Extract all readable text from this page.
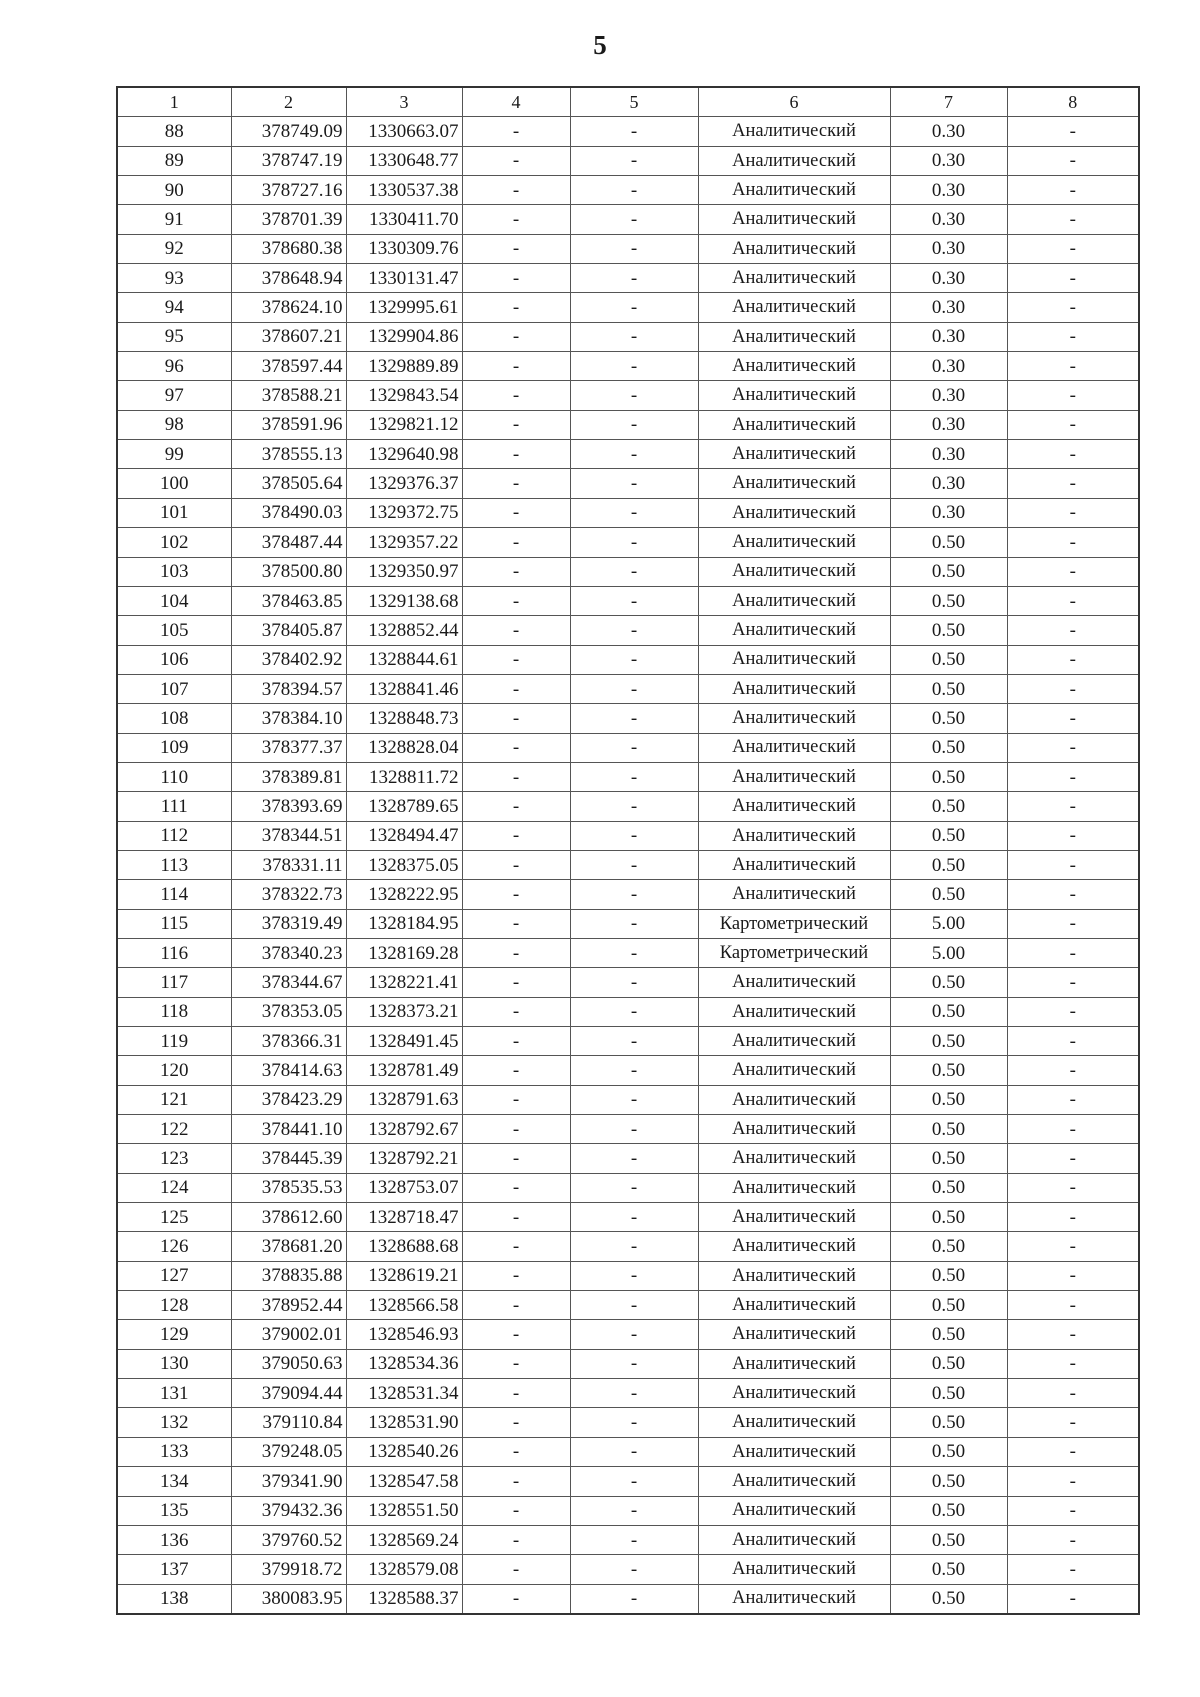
5
1	2	3	4	5	6	7	8
88	378749.09	1330663.07	-	-	Аналитический	0.30	-
89	378747.19	1330648.77	-	-	Аналитический	0.30	-
90	378727.16	1330537.38	-	-	Аналитический	0.30	-
91	378701.39	1330411.70	-	-	Аналитический	0.30	-
92	378680.38	1330309.76	-	-	Аналитический	0.30	-
93	378648.94	1330131.47	-	-	Аналитический	0.30	-
94	378624.10	1329995.61	-	-	Аналитический	0.30	-
95	378607.21	1329904.86	-	-	Аналитический	0.30	-
96	378597.44	1329889.89	-	-	Аналитический	0.30	-
97	378588.21	1329843.54	-	-	Аналитический	0.30	-
98	378591.96	1329821.12	-	-	Аналитический	0.30	-
99	378555.13	1329640.98	-	-	Аналитический	0.30	-
100	378505.64	1329376.37	-	-	Аналитический	0.30	-
101	378490.03	1329372.75	-	-	Аналитический	0.30	-
102	378487.44	1329357.22	-	-	Аналитический	0.50	-
103	378500.80	1329350.97	-	-	Аналитический	0.50	-
104	378463.85	1329138.68	-	-	Аналитический	0.50	-
105	378405.87	1328852.44	-	-	Аналитический	0.50	-
106	378402.92	1328844.61	-	-	Аналитический	0.50	-
107	378394.57	1328841.46	-	-	Аналитический	0.50	-
108	378384.10	1328848.73	-	-	Аналитический	0.50	-
109	378377.37	1328828.04	-	-	Аналитический	0.50	-
110	378389.81	1328811.72	-	-	Аналитический	0.50	-
111	378393.69	1328789.65	-	-	Аналитический	0.50	-
112	378344.51	1328494.47	-	-	Аналитический	0.50	-
113	378331.11	1328375.05	-	-	Аналитический	0.50	-
114	378322.73	1328222.95	-	-	Аналитический	0.50	-
115	378319.49	1328184.95	-	-	Картометрический	5.00	-
116	378340.23	1328169.28	-	-	Картометрический	5.00	-
117	378344.67	1328221.41	-	-	Аналитический	0.50	-
118	378353.05	1328373.21	-	-	Аналитический	0.50	-
119	378366.31	1328491.45	-	-	Аналитический	0.50	-
120	378414.63	1328781.49	-	-	Аналитический	0.50	-
121	378423.29	1328791.63	-	-	Аналитический	0.50	-
122	378441.10	1328792.67	-	-	Аналитический	0.50	-
123	378445.39	1328792.21	-	-	Аналитический	0.50	-
124	378535.53	1328753.07	-	-	Аналитический	0.50	-
125	378612.60	1328718.47	-	-	Аналитический	0.50	-
126	378681.20	1328688.68	-	-	Аналитический	0.50	-
127	378835.88	1328619.21	-	-	Аналитический	0.50	-
128	378952.44	1328566.58	-	-	Аналитический	0.50	-
129	379002.01	1328546.93	-	-	Аналитический	0.50	-
130	379050.63	1328534.36	-	-	Аналитический	0.50	-
131	379094.44	1328531.34	-	-	Аналитический	0.50	-
132	379110.84	1328531.90	-	-	Аналитический	0.50	-
133	379248.05	1328540.26	-	-	Аналитический	0.50	-
134	379341.90	1328547.58	-	-	Аналитический	0.50	-
135	379432.36	1328551.50	-	-	Аналитический	0.50	-
136	379760.52	1328569.24	-	-	Аналитический	0.50	-
137	379918.72	1328579.08	-	-	Аналитический	0.50	-
138	380083.95	1328588.37	-	-	Аналитический	0.50	-
